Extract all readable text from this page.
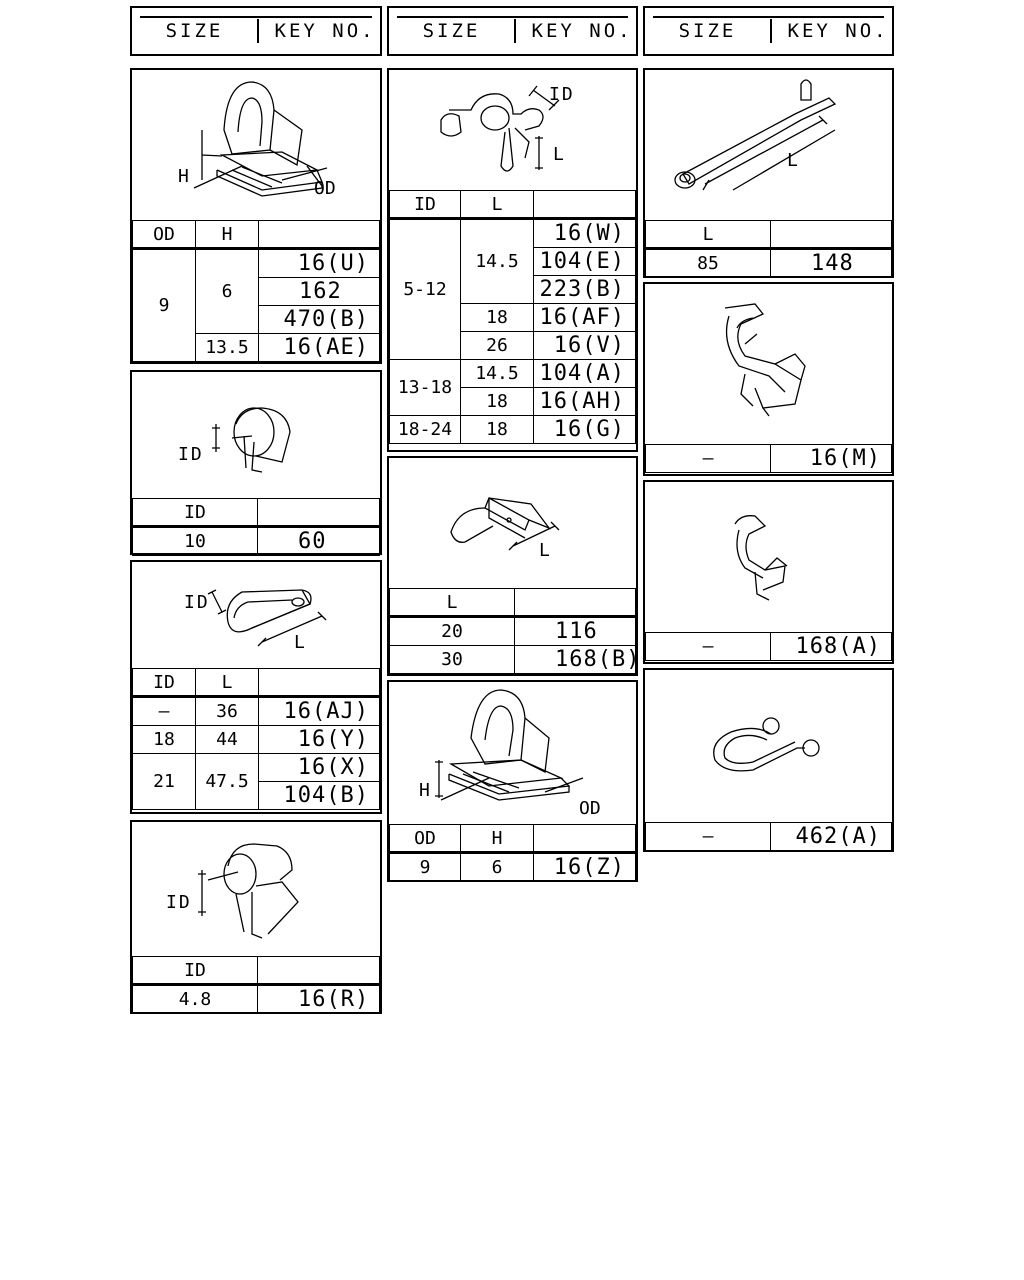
SIZE	KEY NO.	SIZE	KEY NO.	SIZE	KEY NO.
H
OD
OD	H	
9	6	16(U)
		162
		470(B)
	13.5	16(AE)
ID
ID	
10	60
ID
L
ID	L	
—	36	16(AJ)
18	44	16(Y)
21	47.5	16(X)
		104(B)
ID
ID	
4.8	16(R)
ID
L
ID	L	
5-12	14.5	16(W)
		104(E)
		223(B)
	18	16(AF)
	26	16(V)
13-18	14.5	104(A)
	18	16(AH)
18-24	18	16(G)
L
L	
20	116
30	168(B)
H
OD
OD	H	
9	6	16(Z)
L
L	
85	148
—	16(M)
—	168(A)
—	462(A)
